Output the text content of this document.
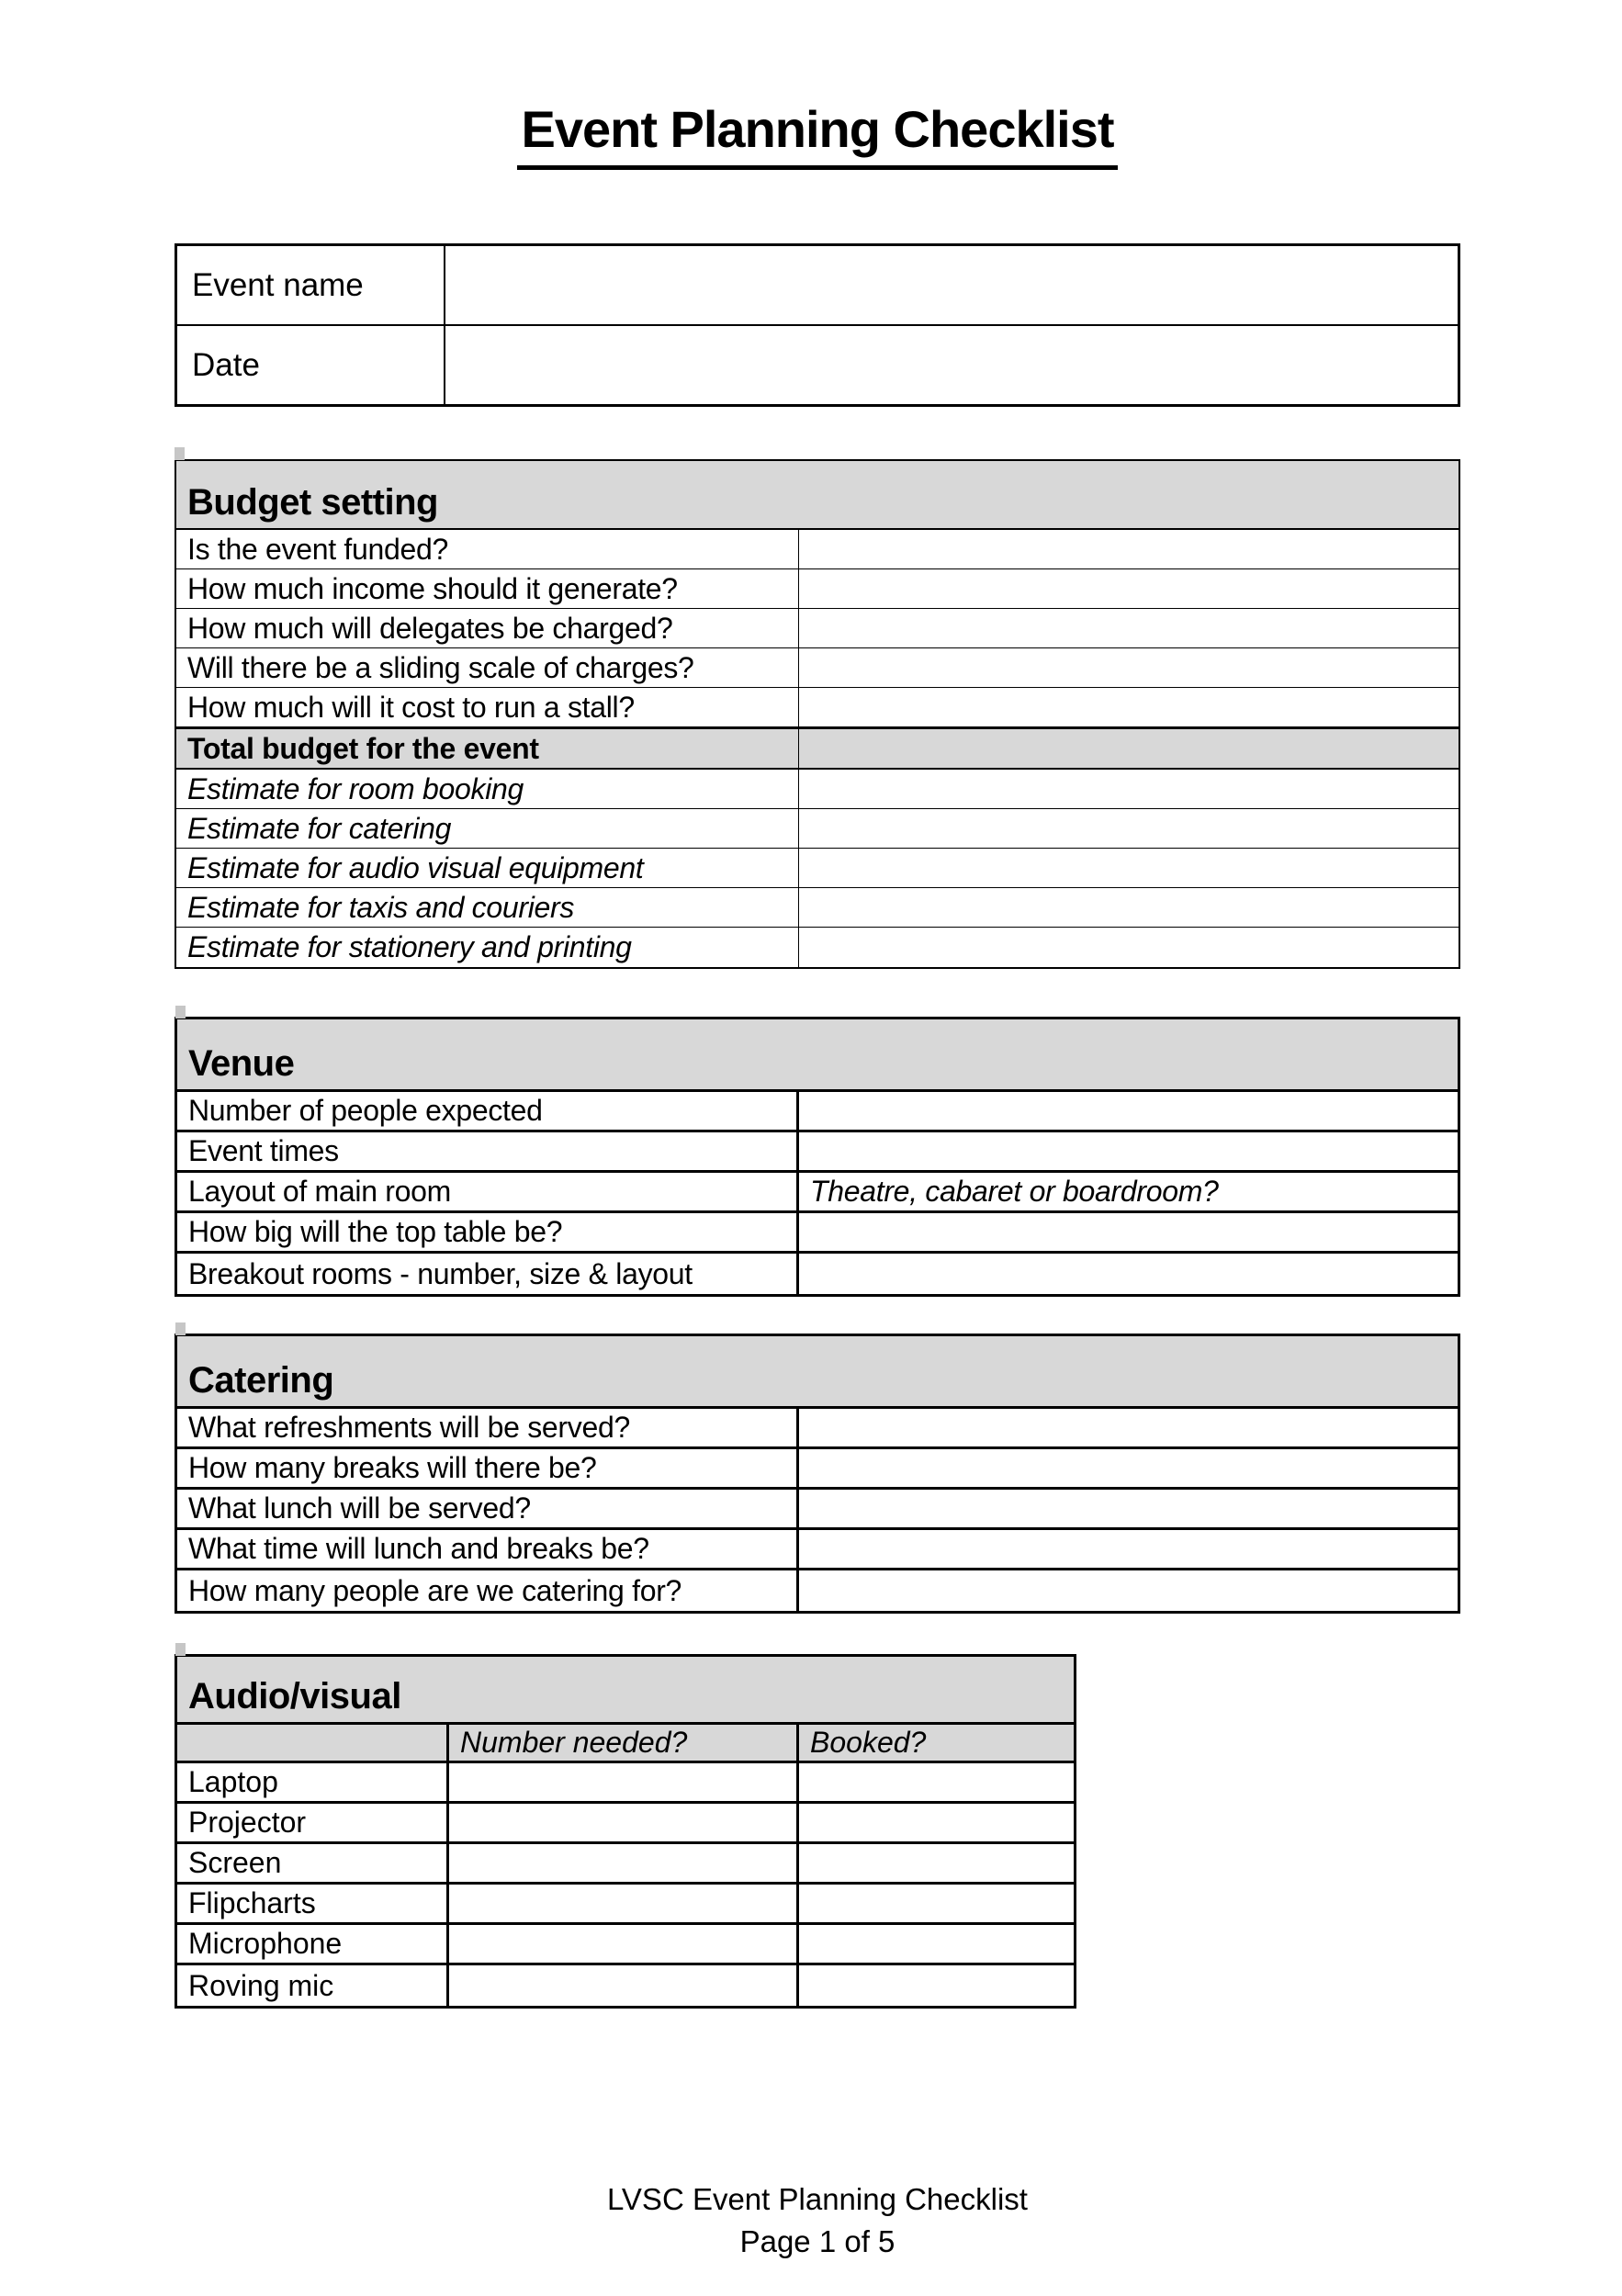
Event Planning Checklist
Event name
Date
Budget setting
Is the event funded?
How much income should it generate?
How much will delegates be charged?
Will there be a sliding scale of charges?
How much will it cost to run a stall?
Total budget for the event
Estimate for room booking
Estimate for catering
Estimate for audio visual equipment
Estimate for taxis and couriers
Estimate for stationery and printing
Venue
Number of people expected
Event times
Layout of main room	Theatre, cabaret or boardroom?
How big will the top table be?
Breakout rooms - number, size & layout
Catering
What refreshments will be served?
How many breaks will there be?
What lunch will be served?
What time will lunch and breaks be?
How many people are we catering for?
Audio/visual
Number needed?	Booked?
Laptop
Projector
Screen
Flipcharts
Microphone
Roving mic
LVSC Event Planning Checklist
Page 1 of 5
